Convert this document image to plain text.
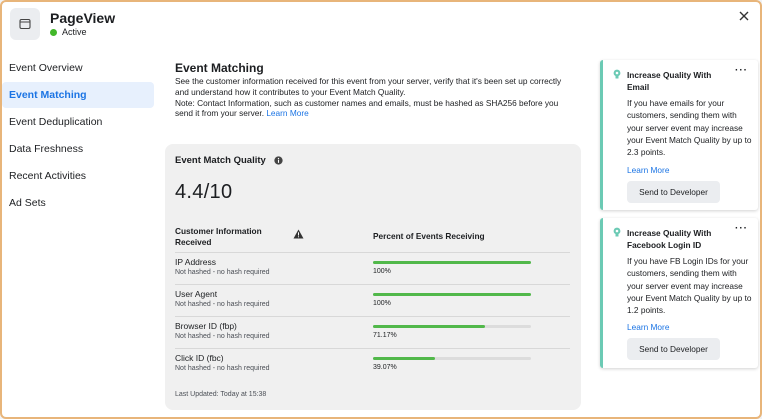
PageView
Active
Event Overview
Event Matching
Event Deduplication
Data Freshness
Recent Activities
Ad Sets
Event Matching
See the customer information received for this event from your server, verify that it's been set up correctly and understand how it contributes to your Event Match Quality.
Note: Contact Information, such as customer names and emails, must be hashed as SHA256 before you send it from your server. Learn More
Event Match Quality
4.4/10
Customer Information Received
Percent of Events Receiving
IP Address
Not hashed - no hash required	100%
User Agent
Not hashed - no hash required	100%
Browser ID (fbp)
Not hashed - no hash required	71.17%
Click ID (fbc)
Not hashed - no hash required	39.07%
Last Updated: Today at 15:38
Increase Quality With Email
···
If you have emails for your customers, sending them with your server event may increase your Event Match Quality by up to 2.3 points.
Learn More
Send to Developer
Increase Quality With Facebook Login ID
···
If you have FB Login IDs for your customers, sending them with your server event may increase your Event Match Quality by up to 1.2 points.
Learn More
Send to Developer
